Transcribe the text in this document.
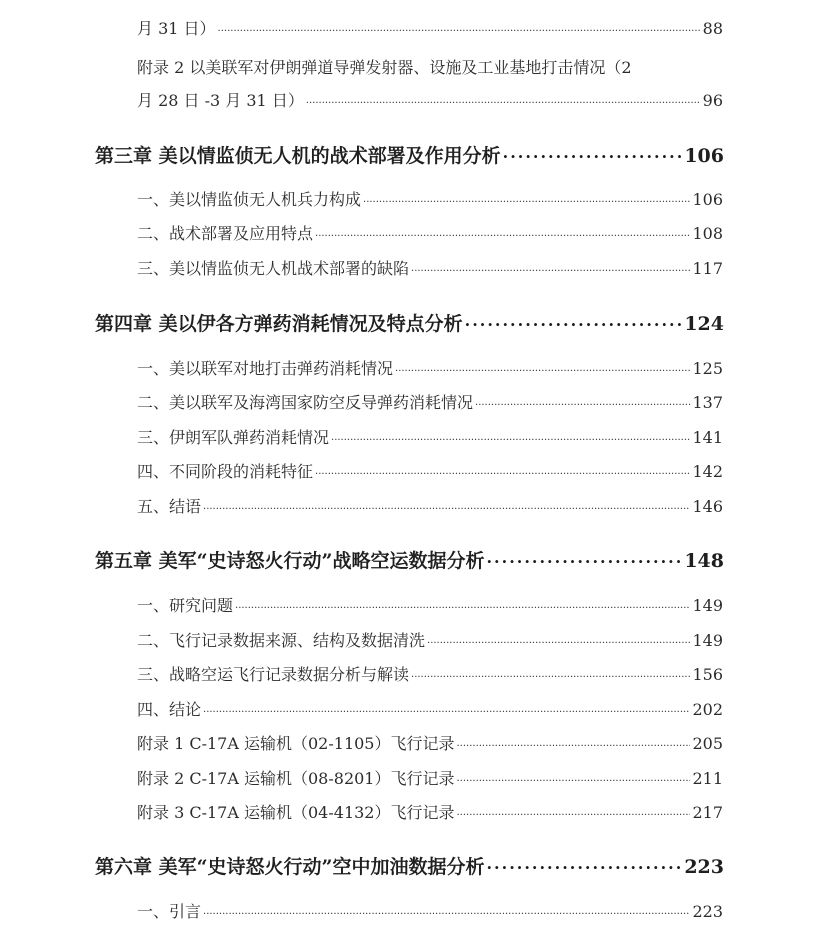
月 31 日） .....	88
附录 2 以美联军对伊朗弹道导弹发射器、设施及工业基地打击情况（2
月 28 日 -3 月 31 日） .....	96
第三章 美以情监侦无人机的战术部署及作用分析 .....	106
一、美以情监侦无人机兵力构成 .....	106
二、战术部署及应用特点 .....	108
三、美以情监侦无人机战术部署的缺陷 .....	117
第四章 美以伊各方弹药消耗情况及特点分析 .....	124
一、美以联军对地打击弹药消耗情况 .....	125
二、美以联军及海湾国家防空反导弹药消耗情况 .....	137
三、伊朗军队弹药消耗情况 .....	141
四、不同阶段的消耗特征 .....	142
五、结语 .....	146
第五章 美军“史诗怒火行动”战略空运数据分析 .....	148
一、研究问题 .....	149
二、飞行记录数据来源、结构及数据清洗 .....	149
三、战略空运飞行记录数据分析与解读 .....	156
四、结论 .....	202
附录 1 C-17A 运输机（02-1105）飞行记录 .....	205
附录 2 C-17A 运输机（08-8201）飞行记录 .....	211
附录 3 C-17A 运输机（04-4132）飞行记录 .....	217
第六章 美军“史诗怒火行动”空中加油数据分析 .....	223
一、引言 .....	223
